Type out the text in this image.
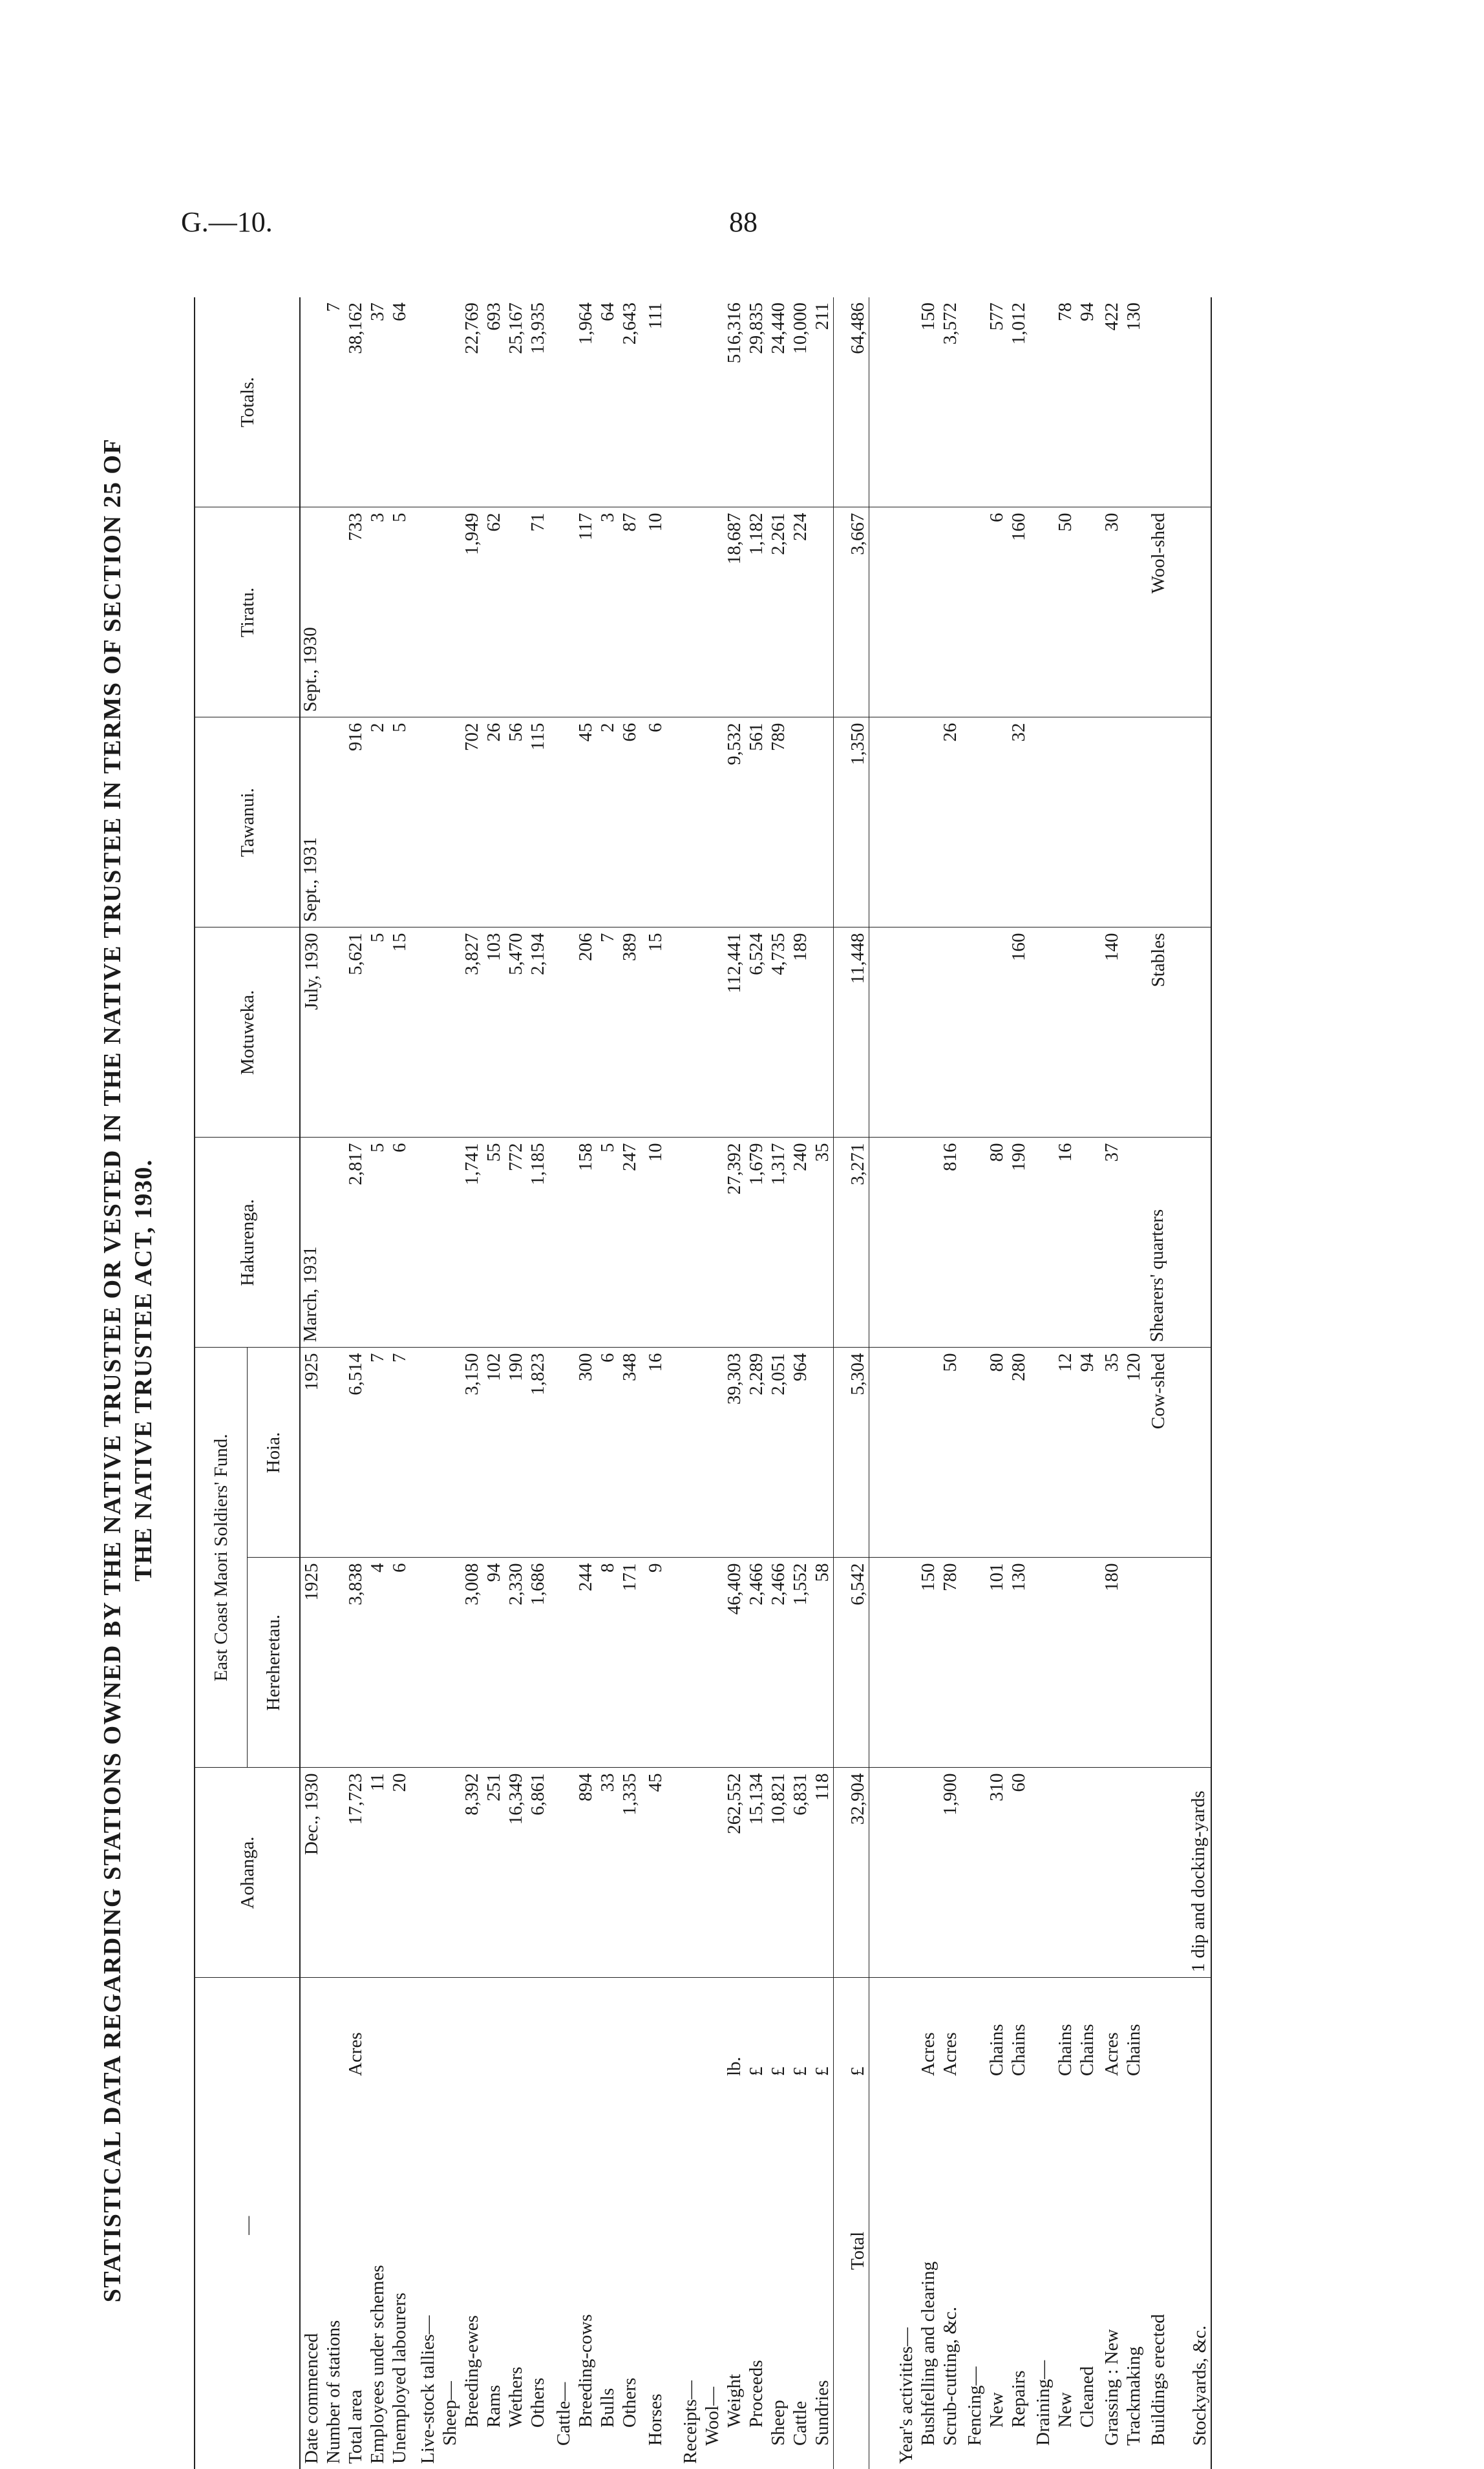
G.—10.	88
STATISTICAL DATA REGARDING STATIONS OWNED BY THE NATIVE TRUSTEE OR VESTED IN THE NATIVE TRUSTEE IN TERMS OF SECTION 25 OF THE NATIVE TRUSTEE ACT, 1930.
—		Aohanga.	East Coast Maori Soldiers' Fund.		Hakurenga.	Motuweka.	Tawanui.	Tiratu.	Totals.
			Hereheretau.	Hoia.					
Date commenced		Dec., 1930	1925	1925	March, 1931	July, 1930	Sept., 1931	Sept., 1930	
Number of stations									7
Total area	Acres	17,723	3,838	6,514	2,817	5,621	916	733	38,162
Employees under schemes		11	4	7	5	5	2	3	37
Unemployed labourers		20	6	7	6	15	5	5	64
Live-stock tallies—									
Sheep—									
Breeding-ewes		8,392	3,008	3,150	1,741	3,827	702	1,949	22,769
Rams		251	94	102	55	103	26	62	693
Wethers		16,349	2,330	190	772	5,470	56		25,167
Others		6,861	1,686	1,823	1,185	2,194	115	71	13,935
Cattle—									
Breeding-cows		894	244	300	158	206	45	117	1,964
Bulls		33	8	6	5	7	2	3	64
Others		1,335	171	348	247	389	66	87	2,643
Horses		45	9	16	10	15	6	10	111
Receipts—									
Wool—									
Weight	lb.	262,552	46,409	39,303	27,392	112,441	9,532	18,687	516,316
Proceeds	£	15,134	2,466	2,289	1,679	6,524	561	1,182	29,835
Sheep	£	10,821	2,466	2,051	1,317	4,735	789	2,261	24,440
Cattle	£	6,831	1,552	964	240	189		224	10,000
Sundries	£	118	58		35				211
Total	£	32,904	6,542	5,304	3,271	11,448	1,350	3,667	64,486
Year's activities—									
Bushfelling and clearing	Acres		150						150
Scrub-cutting, &c.	Acres	1,900	780	50	816		26		3,572
Fencing—									
New	Chains	310	101	80	80			6	577
Repairs	Chains	60	130	280	190	160	32	160	1,012
Draining—									
New	Chains			12	16			50	78
Cleaned	Chains			94					94
Grassing : New	Acres		180	35	37	140		30	422
Trackmaking	Chains			120					130
Buildings erected				Cow-shed	Shearers' quarters	Stables		Wool-shed	
Stockyards, &c.		1 dip and docking-yards							
